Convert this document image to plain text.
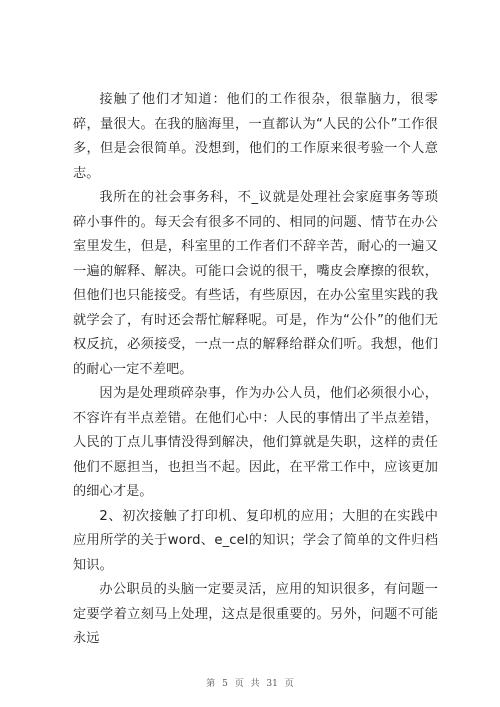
接触了他们才知道：他们的工作很杂，很靠脑力，很零碎，量很大。在我的脑海里，一直都认为“人民的公仆”工作很多，但是会很简单。没想到，他们的工作原来很考验一个人意志。

我所在的社会事务科，不_议就是处理社会家庭事务等琐碎小事件的。每天会有很多不同的、相同的问题、情节在办公室里发生，但是，科室里的工作者们不辞辛苦，耐心的一遍又一遍的解释、解决。可能口会说的很干，嘴皮会摩擦的很软，但他们也只能接受。有些话，有些原因，在办公室里实践的我就学会了，有时还会帮忙解释呢。可是，作为“公仆”的他们无权反抗，必须接受，一点一点的解释给群众们听。我想，他们的耐心一定不差吧。

因为是处理琐碎杂事，作为办公人员，他们必须很小心，不容许有半点差错。在他们心中：人民的事情出了半点差错，人民的丁点儿事情没得到解决，他们算就是失职，这样的责任他们不愿担当，也担当不起。因此，在平常工作中，应该更加的细心才是。

2、初次接触了打印机、复印机的应用；大胆的在实践中应用所学的关于word、e_cel的知识；学会了简单的文件归档知识。

办公职员的头脑一定要灵活，应用的知识很多，有问题一定要学着立刻马上处理，这点是很重要的。另外，问题不可能永远

第 5 页 共 31 页
